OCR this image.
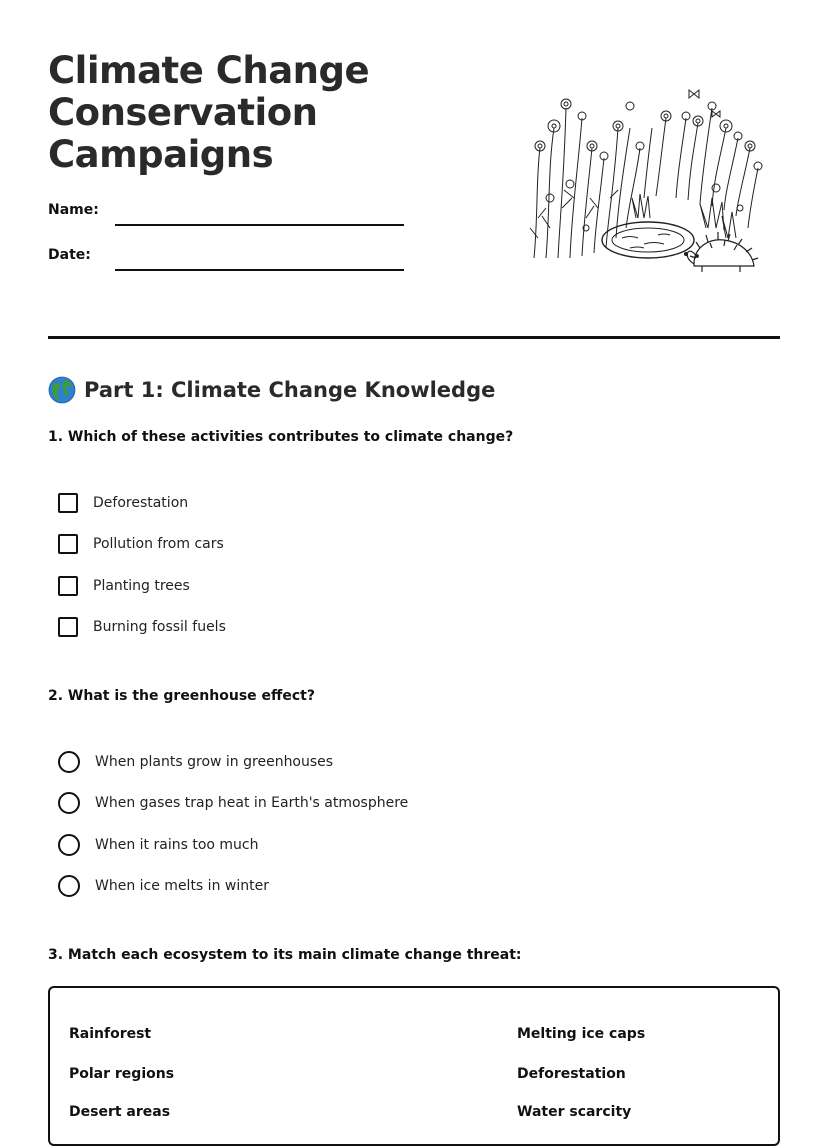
Climate Change
Conservation
Campaigns
Name:
Date:
Part 1: Climate Change Knowledge
1. Which of these activities contributes to climate change?
Deforestation
Pollution from cars
Planting trees
Burning fossil fuels
2. What is the greenhouse effect?
When plants grow in greenhouses
When gases trap heat in Earth's atmosphere
When it rains too much
When ice melts in winter
3. Match each ecosystem to its main climate change threat:
Rainforest
Polar regions
Desert areas
Melting ice caps
Deforestation
Water scarcity
